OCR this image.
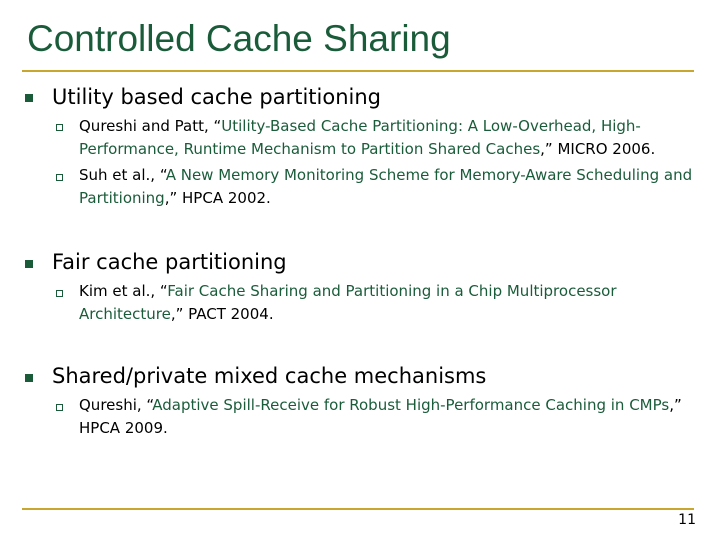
Controlled Cache Sharing
Utility based cache partitioning
Qureshi and Patt, “Utility-Based Cache Partitioning: A Low-Overhead, High-Performance, Runtime Mechanism to Partition Shared Caches,” MICRO 2006.
Suh et al., “A New Memory Monitoring Scheme for Memory-Aware Scheduling and Partitioning,” HPCA 2002.
Fair cache partitioning
Kim et al., “Fair Cache Sharing and Partitioning in a Chip Multiprocessor Architecture,” PACT 2004.
Shared/private mixed cache mechanisms
Qureshi, “Adaptive Spill-Receive for Robust High-Performance Caching in CMPs,” HPCA 2009.
11
